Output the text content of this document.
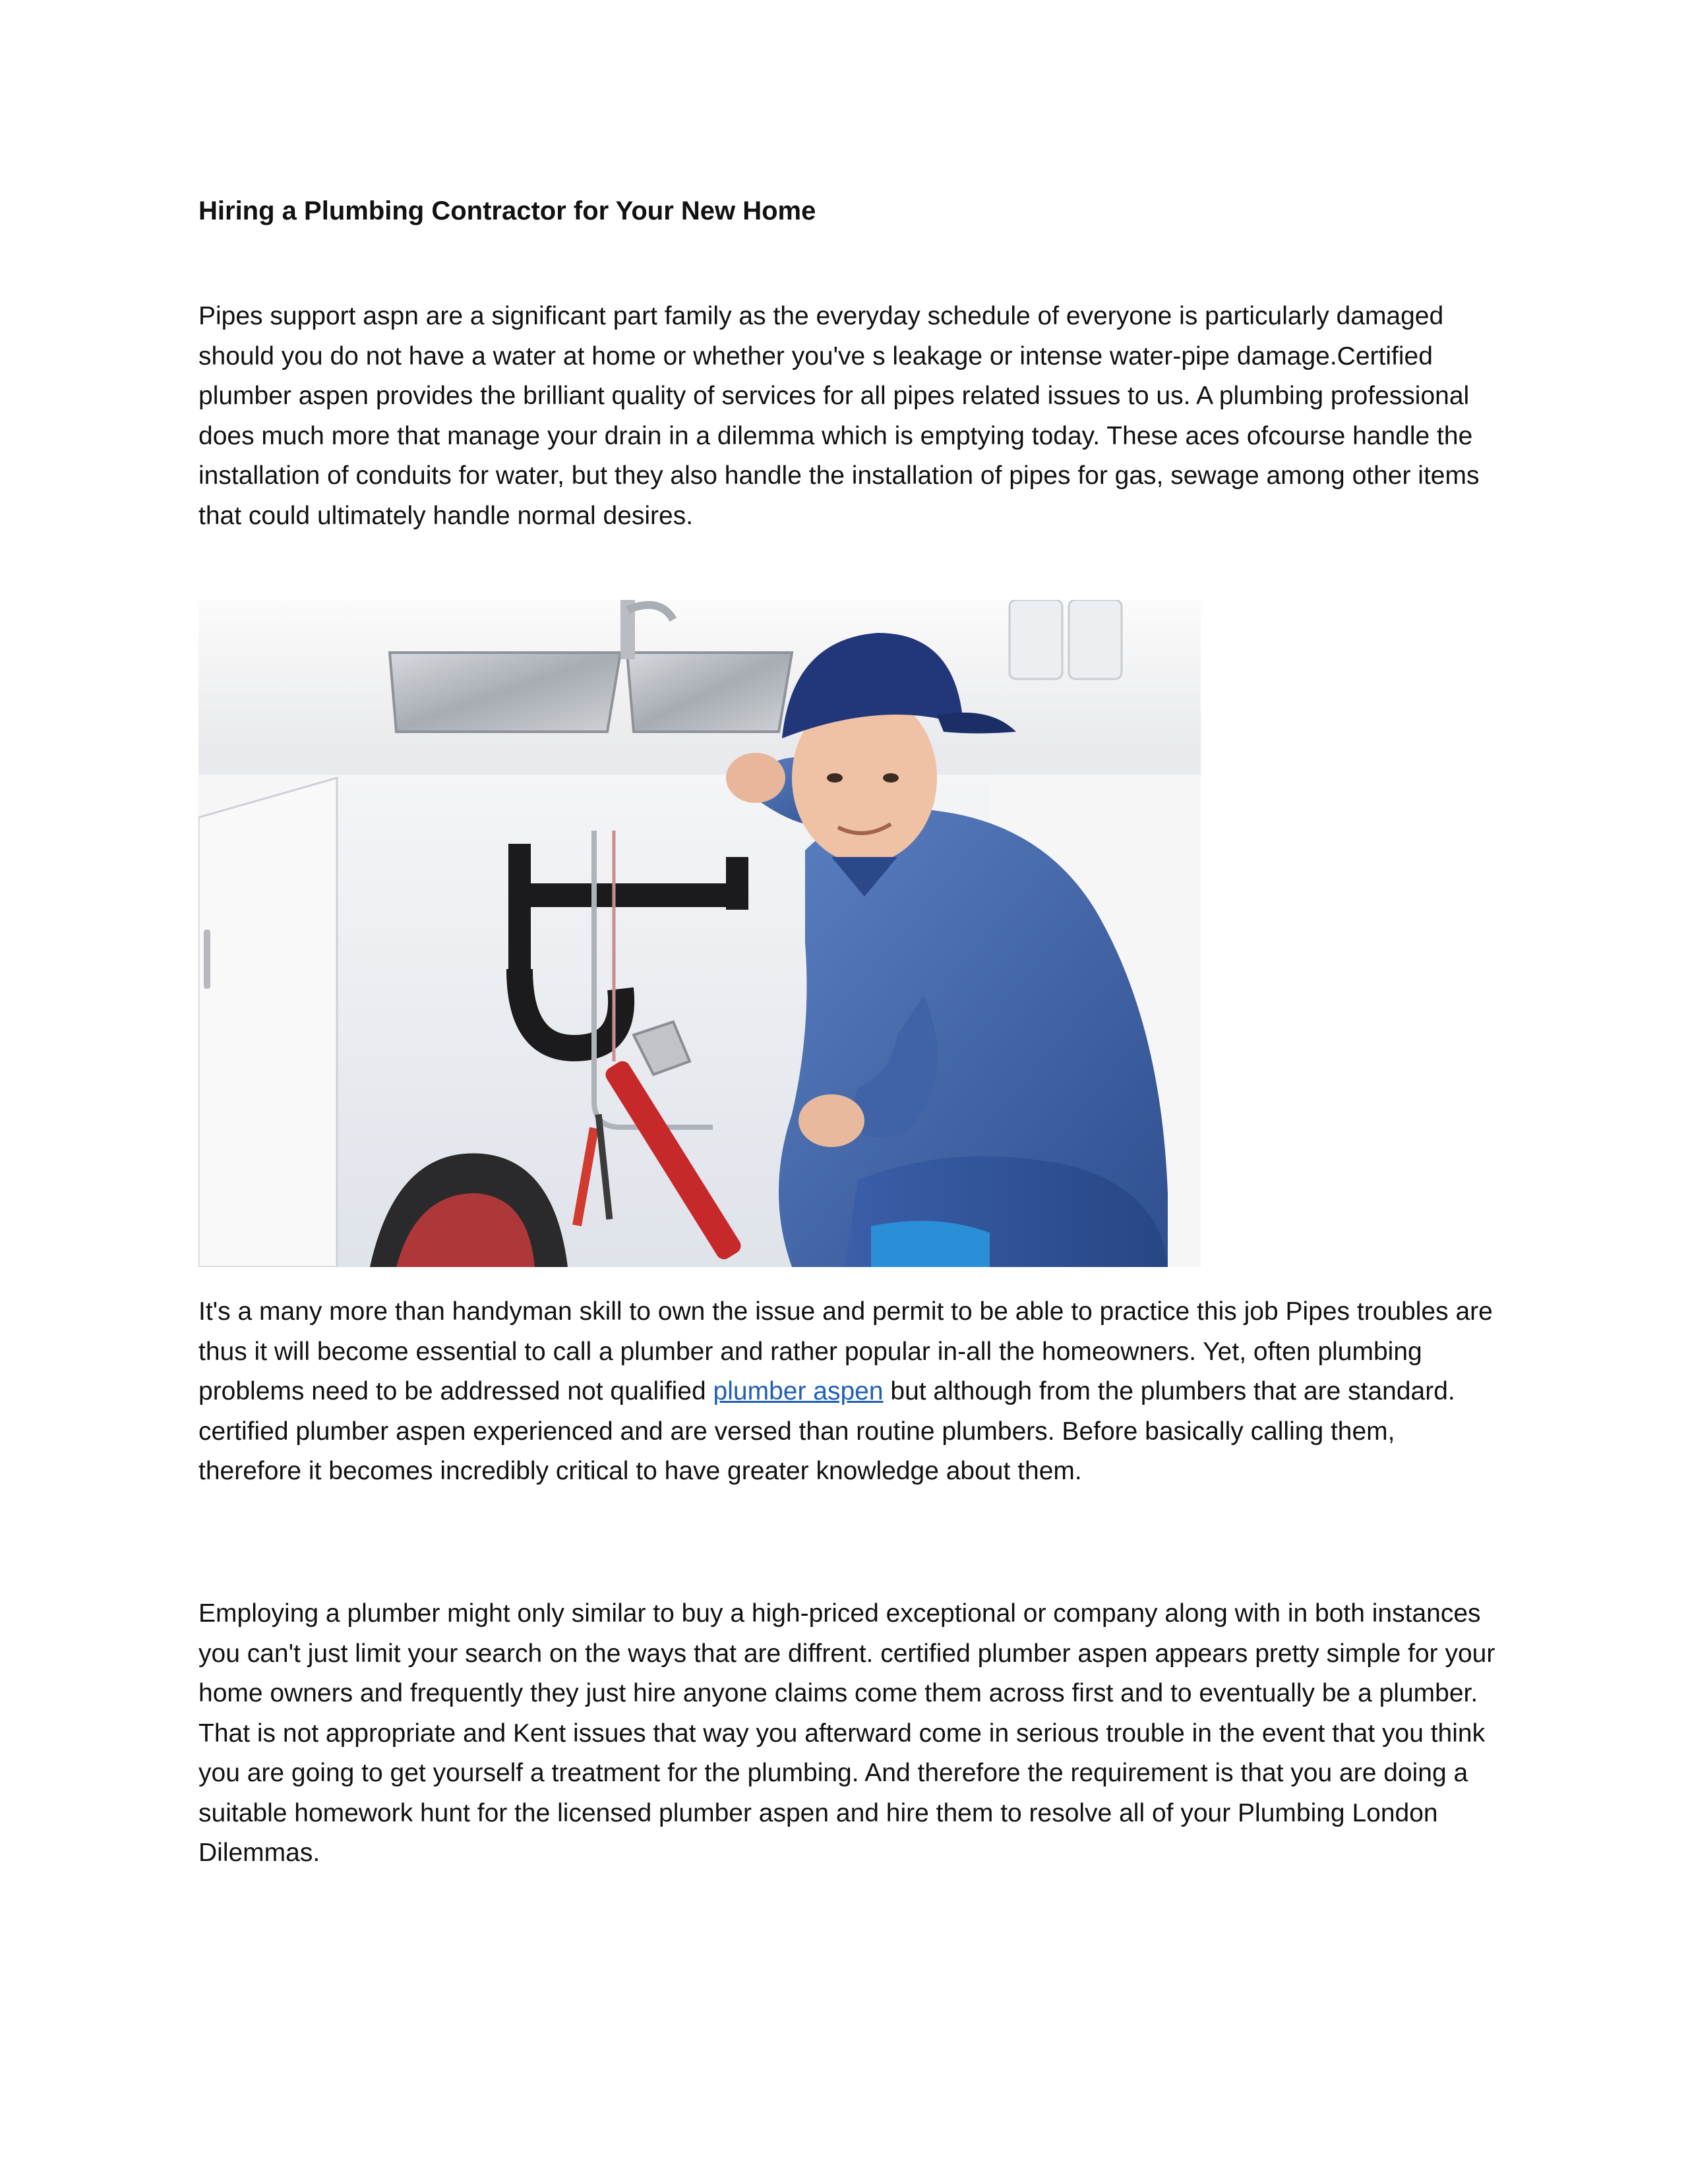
Hiring a Plumbing Contractor for Your New Home

Pipes support aspn are a significant part family as the everyday schedule of everyone is particularly damaged should you do not have a water at home or whether you've s leakage or intense water-pipe damage.Certified plumber aspen provides the brilliant quality of services for all pipes related issues to us. A plumbing professional does much more that manage your drain in a dilemma which is emptying today. These aces ofcourse handle the installation of conduits for water, but they also handle the installation of pipes for gas, sewage among other items that could ultimately handle normal desires.

It's a many more than handyman skill to own the issue and permit to be able to practice this job Pipes troubles are thus it will become essential to call a plumber and rather popular in-all the homeowners. Yet, often plumbing problems need to be addressed not qualified plumber aspen but although from the plumbers that are standard. certified plumber aspen experienced and are versed than routine plumbers. Before basically calling them, therefore it becomes incredibly critical to have greater knowledge about them.

Employing a plumber might only similar to buy a high-priced exceptional or company along with in both instances you can't just limit your search on the ways that are diffrent. certified plumber aspen appears pretty simple for your home owners and frequently they just hire anyone claims come them across first and to eventually be a plumber. That is not appropriate and Kent issues that way you afterward come in serious trouble in the event that you think you are going to get yourself a treatment for the plumbing. And therefore the requirement is that you are doing a suitable homework hunt for the licensed plumber aspen and hire them to resolve all of your Plumbing London Dilemmas.
